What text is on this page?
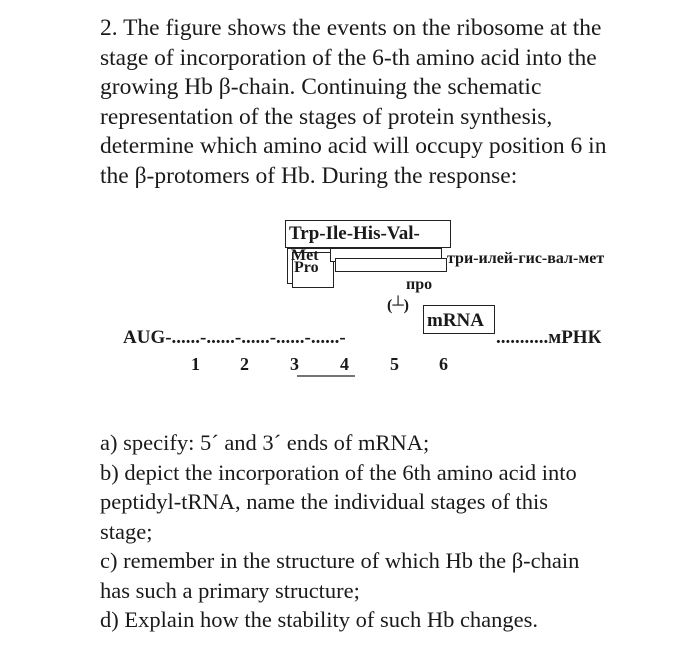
2. The figure shows the events on the ribosome at the
stage of incorporation of the 6-th amino acid into the
growing Hb β-chain. Continuing the schematic
representation of the stages of protein synthesis,
determine which amino acid will occupy position 6 in
the β-protomers of Hb. During the response:
Trp-Ile-His-Val-
Met
Pro
три-илей-гис-вал-мет
про
(┴)
mRNA
AUG-......-......-......-......-......-	...........мРНК
1 2 3 4 5 6
a) specify: 5´ and 3´ ends of mRNA;
b) depict the incorporation of the 6th amino acid into
peptidyl-tRNA, name the individual stages of this
stage;
c) remember in the structure of which Hb the β-chain
has such a primary structure;
d) Explain how the stability of such Hb changes.
